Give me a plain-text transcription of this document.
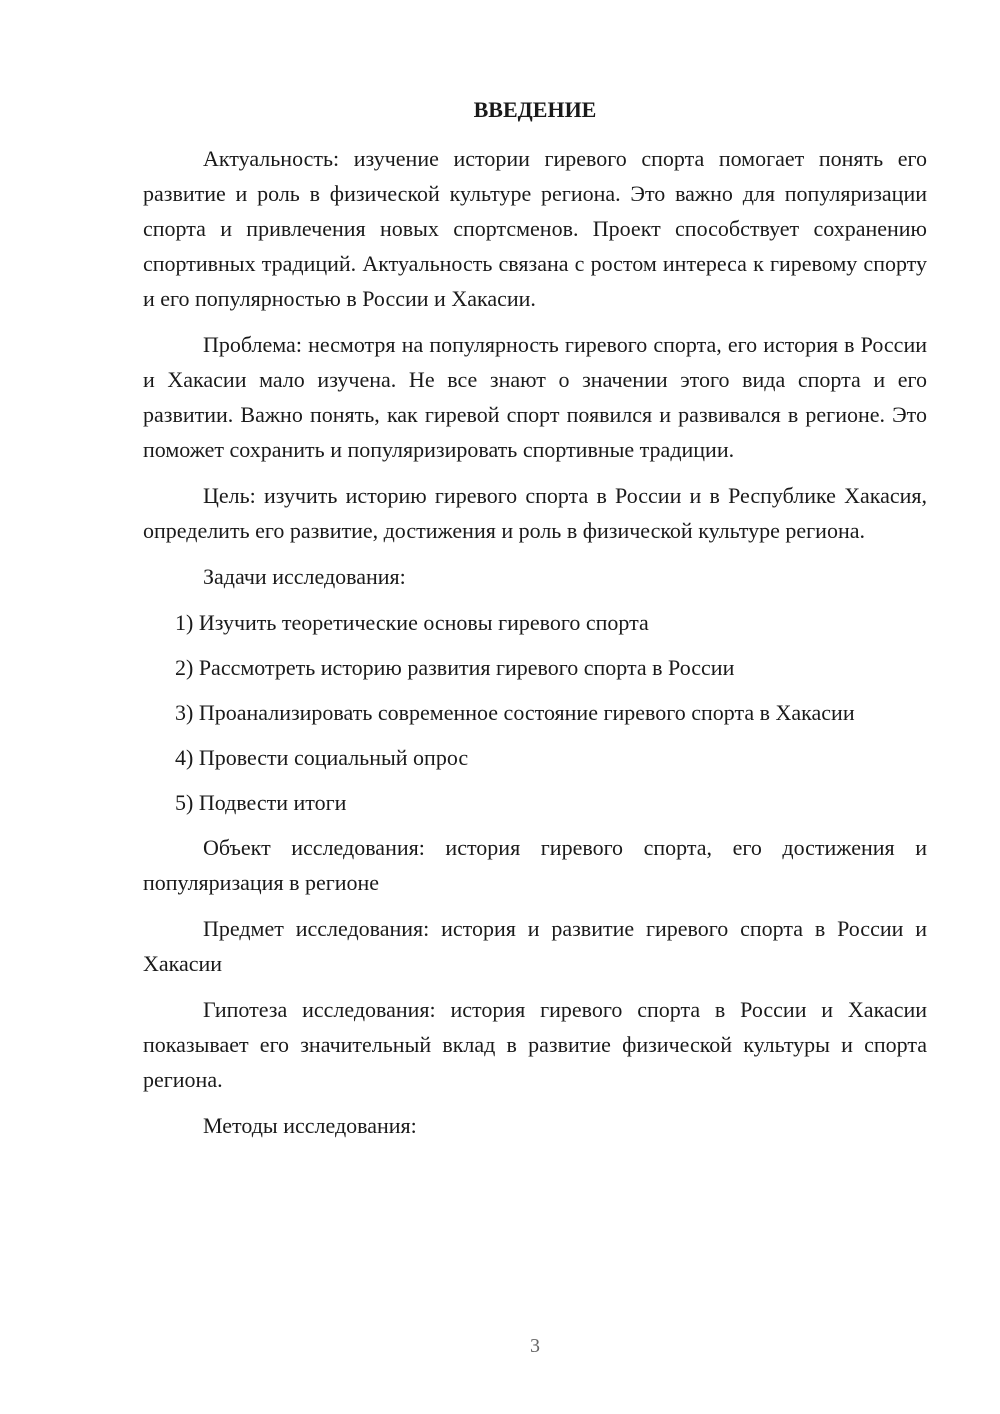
ВВЕДЕНИЕ

Актуальность: изучение истории гиревого спорта помогает понять его развитие и роль в физической культуре региона. Это важно для популяризации спорта и привлечения новых спортсменов. Проект способствует сохранению спортивных традиций. Актуальность связана с ростом интереса к гиревому спорту и его популярностью в России и Хакасии.

Проблема: несмотря на популярность гиревого спорта, его история в России и Хакасии мало изучена. Не все знают о значении этого вида спорта и его развитии. Важно понять, как гиревой спорт появился и развивался в регионе. Это поможет сохранить и популяризировать спортивные традиции.

Цель: изучить историю гиревого спорта в России и в Республике Хакасия, определить его развитие, достижения и роль в физической культуре региона.

Задачи исследования:

1) Изучить теоретические основы гиревого спорта

2) Рассмотреть историю развития гиревого спорта в России

3) Проанализировать современное состояние гиревого спорта в Хакасии

4) Провести социальный опрос

5) Подвести итоги

Объект исследования: история гиревого спорта, его достижения и популяризация в регионе

Предмет исследования: история и развитие гиревого спорта в России и Хакасии

Гипотеза исследования: история гиревого спорта в России и Хакасии показывает его значительный вклад в развитие физической культуры и спорта региона.

Методы исследования:

3
